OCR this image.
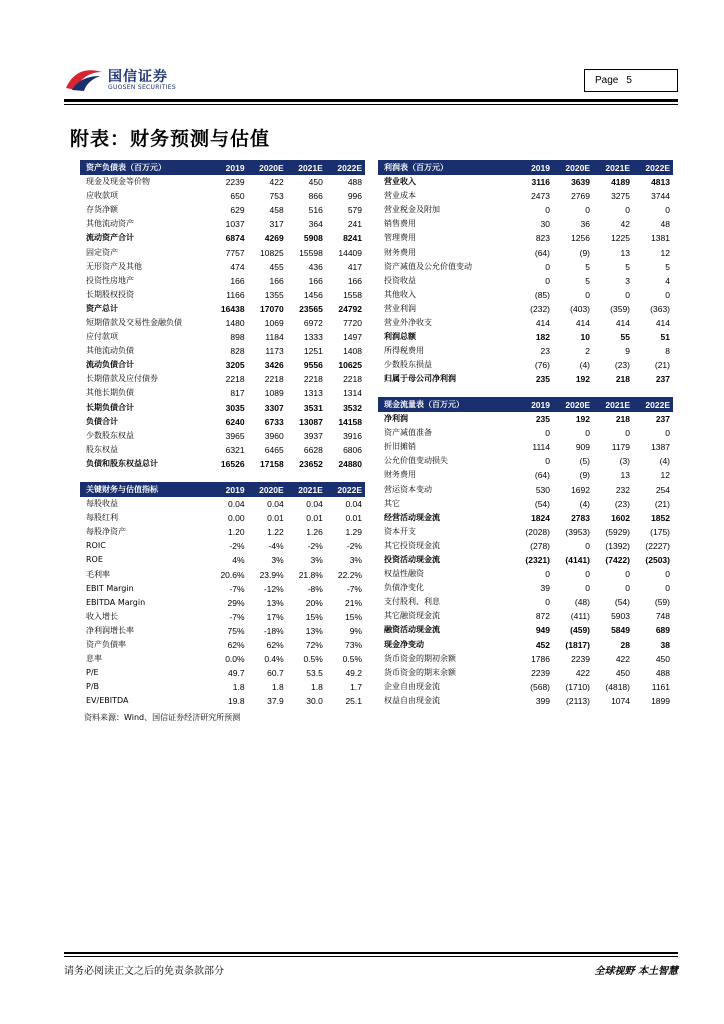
国信证券
GUOSEN SECURITIES
Page 5
附表：财务预测与估值
资产负债表（百万元）	2019	2020E	2021E	2022E
现金及现金等价物	2239	422	450	488
应收款项	650	753	866	996
存货净额	629	458	516	579
其他流动资产	1037	317	364	241
流动资产合计	6874	4269	5908	8241
固定资产	7757	10825	15598	14409
无形资产及其他	474	455	436	417
投资性房地产	166	166	166	166
长期股权投资	1166	1355	1456	1558
资产总计	16438	17070	23565	24792
短期借款及交易性金融负债	1480	1069	6972	7720
应付款项	898	1184	1333	1497
其他流动负债	828	1173	1251	1408
流动负债合计	3205	3426	9556	10625
长期借款及应付债券	2218	2218	2218	2218
其他长期负债	817	1089	1313	1314
长期负债合计	3035	3307	3531	3532
负债合计	6240	6733	13087	14158
少数股东权益	3965	3960	3937	3916
股东权益	6321	6465	6628	6806
负债和股东权益总计	16526	17158	23652	24880
利润表（百万元）	2019	2020E	2021E	2022E
营业收入	3116	3639	4189	4813
营业成本	2473	2769	3275	3744
营业税金及附加	0	0	0	0
销售费用	30	36	42	48
管理费用	823	1256	1225	1381
财务费用	(64)	(9)	13	12
资产减值及公允价值变动	0	5	5	5
投资收益	0	5	3	4
其他收入	(85)	0	0	0
营业利润	(232)	(403)	(359)	(363)
营业外净收支	414	414	414	414
利润总额	182	10	55	51
所得税费用	23	2	9	8
少数股东损益	(76)	(4)	(23)	(21)
归属于母公司净利润	235	192	218	237
关键财务与估值指标	2019	2020E	2021E	2022E
每股收益	0.04	0.04	0.04	0.04
每股红利	0.00	0.01	0.01	0.01
每股净资产	1.20	1.22	1.26	1.29
ROIC	-2%	-4%	-2%	-2%
ROE	4%	3%	3%	3%
毛利率	20.6%	23.9%	21.8%	22.2%
EBIT Margin	-7%	-12%	-8%	-7%
EBITDA Margin	29%	13%	20%	21%
收入增长	-7%	17%	15%	15%
净利润增长率	75%	-18%	13%	9%
资产负债率	62%	62%	72%	73%
息率	0.0%	0.4%	0.5%	0.5%
P/E	49.7	60.7	53.5	49.2
P/B	1.8	1.8	1.8	1.7
EV/EBITDA	19.8	37.9	30.0	25.1
现金流量表（百万元）	2019	2020E	2021E	2022E
净利润	235	192	218	237
资产减值准备	0	0	0	0
折旧摊销	1114	909	1179	1387
公允价值变动损失	0	(5)	(3)	(4)
财务费用	(64)	(9)	13	12
营运资本变动	530	1692	232	254
其它	(54)	(4)	(23)	(21)
经营活动现金流	1824	2783	1602	1852
资本开支	(2028)	(3953)	(5929)	(175)
其它投资现金流	(278)	0	(1392)	(2227)
投资活动现金流	(2321)	(4141)	(7422)	(2503)
权益性融资	0	0	0	0
负债净变化	39	0	0	0
支付股利、利息	0	(48)	(54)	(59)
其它融资现金流	872	(411)	5903	748
融资活动现金流	949	(459)	5849	689
现金净变动	452	(1817)	28	38
货币资金的期初余额	1786	2239	422	450
货币资金的期末余额	2239	422	450	488
企业自由现金流	(568)	(1710)	(4818)	1161
权益自由现金流	399	(2113)	1074	1899
资料来源：Wind、国信证券经济研究所预测
请务必阅读正文之后的免责条款部分	全球视野 本土智慧
